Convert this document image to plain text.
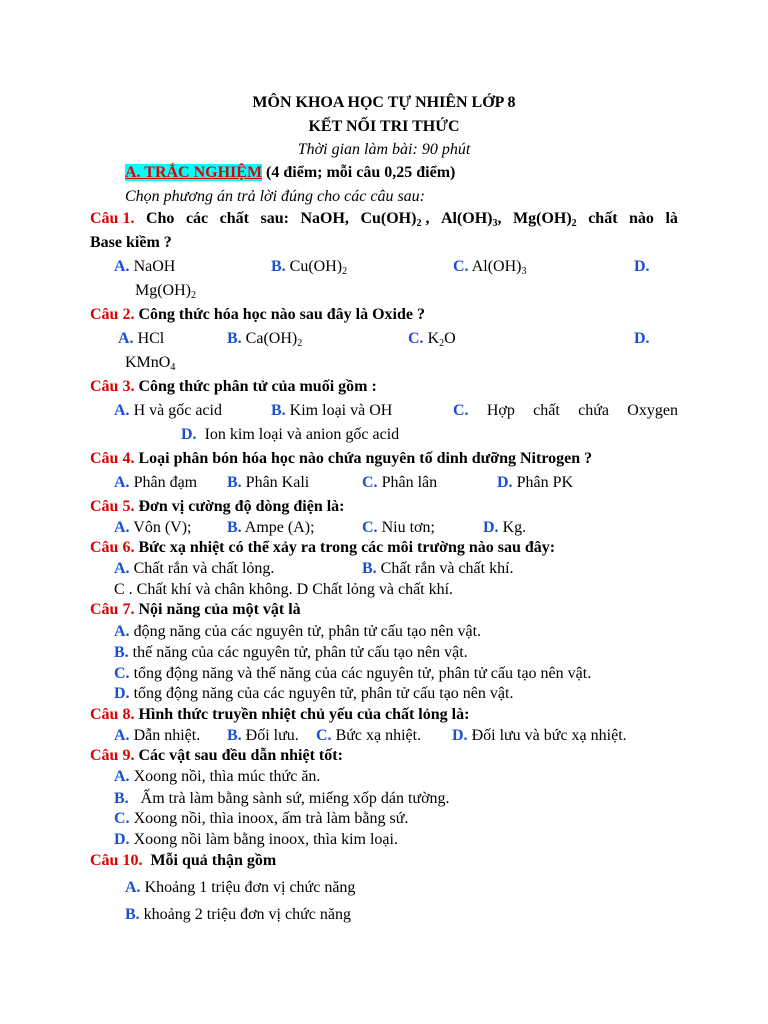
MÔN KHOA HỌC TỰ NHIÊN LỚP 8
KẾT NỐI TRI THỨC
Thời gian làm bài: 90 phút
A. TRẮC NGHIỆM (4 điểm; mỗi câu 0,25 điểm)
Chọn phương án trả lời đúng cho các câu sau:
Câu 1. Cho các chất sau: NaOH, $Cu(OH)_2$ , $Al(OH)_3$, $Mg(OH)_2$ chất nào là
Base kiềm ?
A. NaOH	B. $Cu(OH)_2$	C. $Al(OH)_3$	D.
$Mg(OH)_2$
Câu 2. Công thức hóa học nào sau đây là Oxide ?
A. HCl	B. $Ca(OH)_2$	C. $K_2O$	D.
KMnO$_4$
Câu 3. Công thức phân tử của muối gồm :
A. H và gốc acid	B. Kim loại và OH	C. Hợp chất chứa Oxygen
D. Ion kim loại và anion gốc acid
Câu 4. Loại phân bón hóa học nào chứa nguyên tố dinh dưỡng Nitrogen ?
A. Phân đạm B. Phân Kali	C. Phân lân	D. Phân PK
Câu 5. Đơn vị cường độ dòng điện là:
A. Vôn (V); B. Ampe (A);	C. Niu tơn;	D. Kg.
Câu 6. Bức xạ nhiệt có thể xảy ra trong các môi trường nào sau đây:
A. Chất rắn và chất lỏng.	B. Chất rắn và chất khí.
C . Chất khí và chân không. D Chất lỏng và chất khí.
Câu 7. Nội năng của một vật là
A. động năng của các nguyên tử, phân tử cấu tạo nên vật.
B. thế năng của các nguyên tử, phân tử cấu tạo nên vật.
C. tổng động năng và thế năng của các nguyên tử, phân tử cấu tạo nên vật.
D. tổng động năng của các nguyên tử, phân tử cấu tạo nên vật.
Câu 8. Hình thức truyền nhiệt chủ yếu của chất lỏng là:
A. Dẫn nhiệt. B. Đối lưu. C. Bức xạ nhiệt. D. Đối lưu và bức xạ nhiệt.
Câu 9. Các vật sau đều dẫn nhiệt tốt:
A. Xoong nồi, thìa múc thức ăn.
B. Ấm trà làm bằng sành sứ, miếng xốp dán tường.
C. Xoong nồi, thìa inoox, ấm trà làm bằng sứ.
D. Xoong nồi làm bằng inoox, thìa kim loại.
Câu 10. Mỗi quả thận gồm
A. Khoảng 1 triệu đơn vị chức năng
B. khoảng 2 triệu đơn vị chức năng
